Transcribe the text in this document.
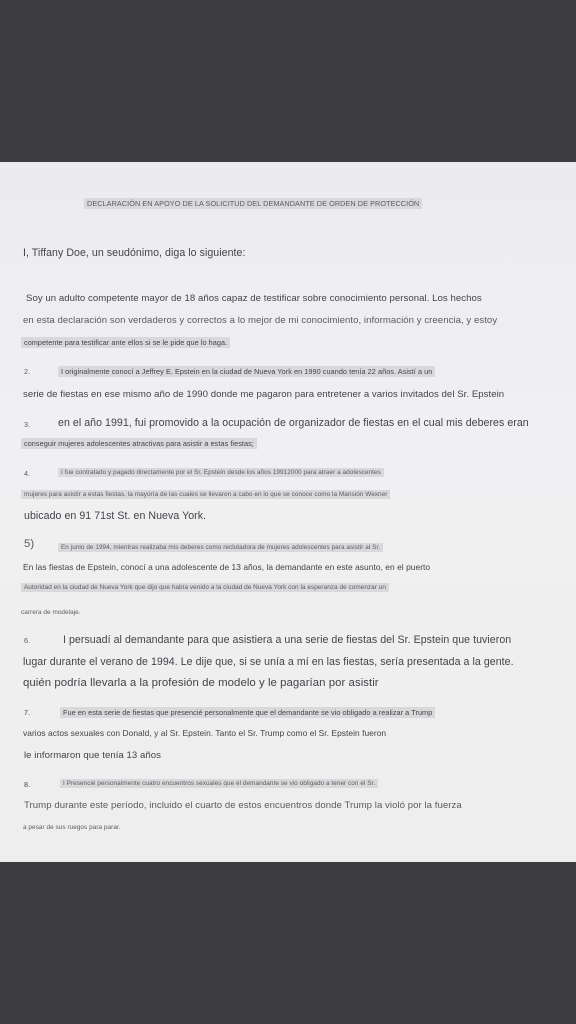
DECLARACIÓN EN APOYO DE LA SOLICITUD DEL DEMANDANTE DE ORDEN DE PROTECCIÓN
I, Tiffany Doe, un seudónimo, diga lo siguiente:
Soy un adulto competente mayor de 18 años capaz de testificar sobre conocimiento personal. Los hechos
en esta declaración son verdaderos y correctos a lo mejor de mi conocimiento, información y creencia, y estoy
competente para testificar ante ellos si se le pide que lo haga.
2.	I originalmente conocí a Jeffrey E. Epstein en la ciudad de Nueva York en 1990 cuando tenía 22 años. Asistí a un
serie de fiestas en ese mismo año de 1990 donde me pagaron para entretener a varios invitados del Sr. Epstein
3.	en el año 1991, fui promovido a la ocupación de organizador de fiestas en el cual mis deberes eran
conseguir mujeres adolescentes atractivas para asistir a estas fiestas;
4.	I fue contratado y pagado directamente por el Sr. Epstein desde los años 19912000 para atraer a adolescentes
mujeres para asistir a estas fiestas, la mayoría de las cuales se llevaron a cabo en lo que se conoce como la Mansión Wexner
ubicado en 91 71st St. en Nueva York.
5)	En junio de 1994, mientras realizaba mis deberes como reclutadora de mujeres adolescentes para asistir al Sr.
En las fiestas de Epstein, conocí a una adolescente de 13 años, la demandante en este asunto, en el puerto
Autoridad en la ciudad de Nueva York que dijo que había venido a la ciudad de Nueva York con la esperanza de comenzar un
carrera de modelaje.
6.	I persuadí al demandante para que asistiera a una serie de fiestas del Sr. Epstein que tuvieron
lugar durante el verano de 1994. Le dije que, si se unía a mí en las fiestas, sería presentada a la gente.
quién podría llevarla a la profesión de modelo y le pagarían por asistir
7.	Fue en esta serie de fiestas que presencié personalmente que el demandante se vio obligado a realizar a Trump
varios actos sexuales con Donald, y al Sr. Epstein. Tanto el Sr. Trump como el Sr. Epstein fueron
le informaron que tenía 13 años
8.	I Presencié personalmente cuatro encuentros sexuales que el demandante se vio obligado a tener con el Sr.
Trump durante este período, incluido el cuarto de estos encuentros donde Trump la violó por la fuerza
a pesar de sus ruegos para parar.
